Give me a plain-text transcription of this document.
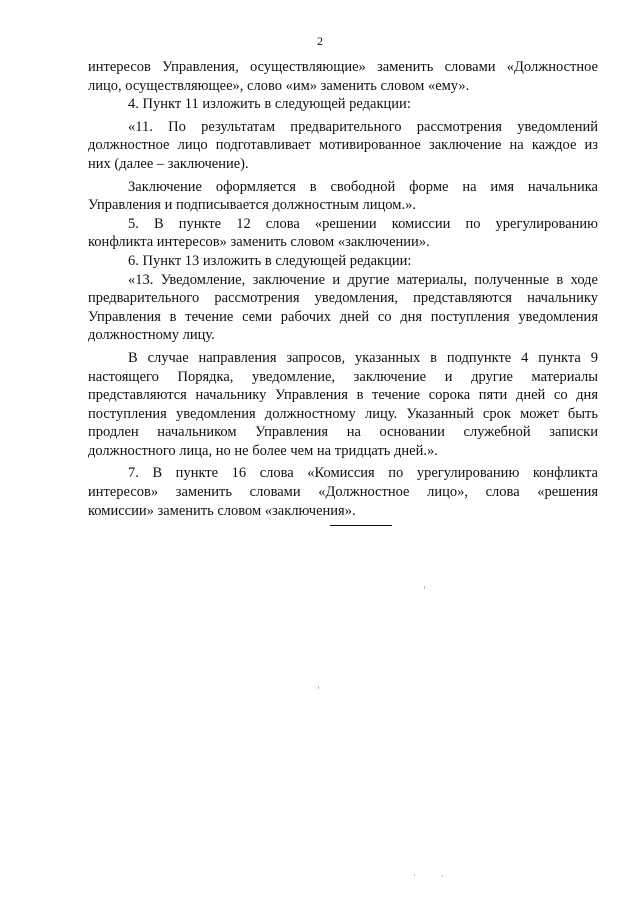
2
интересов Управления, осуществляющие» заменить словами «Должностное
лицо, осуществляющее», слово «им» заменить словом «ему».
4. Пункт 11 изложить в следующей редакции:
«11. По результатам предварительного рассмотрения уведомлений
должностное лицо подготавливает мотивированное заключение на каждое из
них (далее – заключение).
Заключение оформляется в свободной форме на имя начальника
Управления и подписывается должностным лицом.».
5. В пункте 12 слова «решении комиссии по урегулированию
конфликта интересов» заменить словом «заключении».
6. Пункт 13 изложить в следующей редакции:
«13. Уведомление, заключение и другие материалы, полученные в ходе
предварительного рассмотрения уведомления, представляются начальнику
Управления в течение семи рабочих дней со дня поступления уведомления
должностному лицу.
В случае направления запросов, указанных в подпункте 4 пункта 9
настоящего Порядка, уведомление, заключение и другие материалы
представляются начальнику Управления в течение сорока пяти дней со дня
поступления уведомления должностному лицу. Указанный срок может быть
продлен начальником Управления на основании служебной записки
должностного лица, но не более чем на тридцать дней.».
7. В пункте 16 слова «Комиссия по урегулированию конфликта
интересов» заменить словами «Должностное лицо», слова «решения
комиссии» заменить словом «заключения».
